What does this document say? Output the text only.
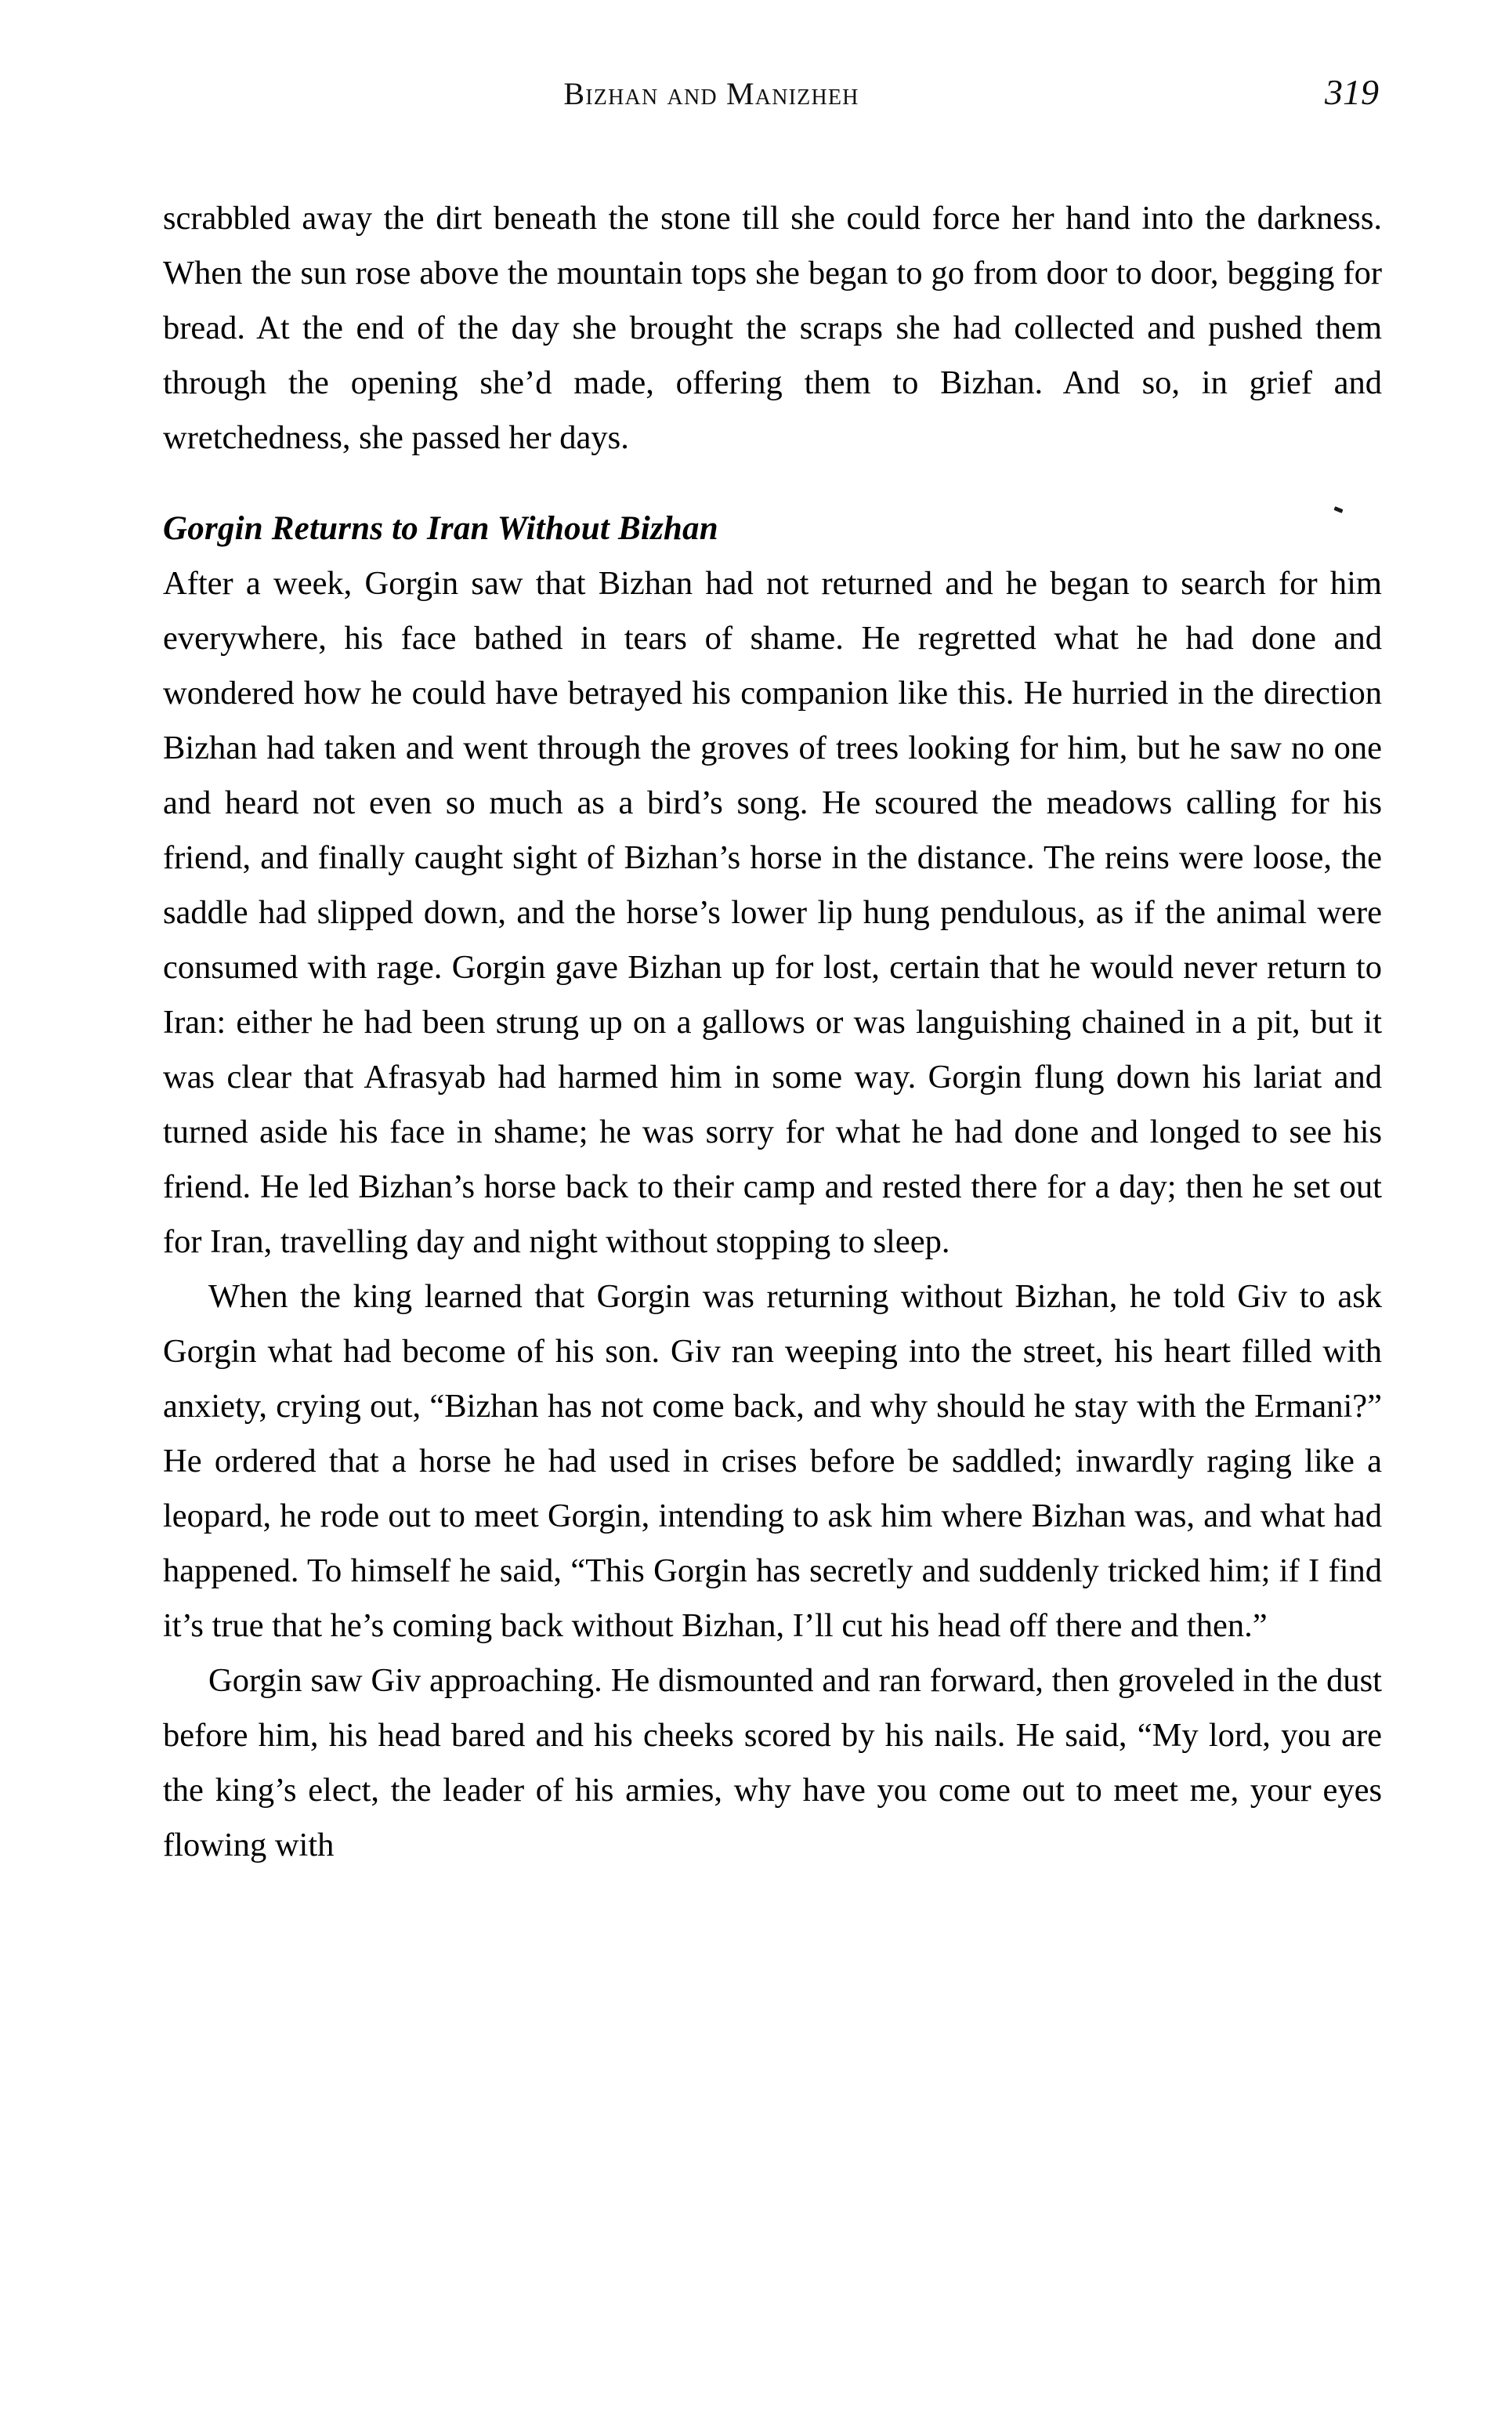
Bizhan and Manizheh	319

scrabbled away the dirt beneath the stone till she could force her hand into the darkness. When the sun rose above the mountain tops she began to go from door to door, begging for bread. At the end of the day she brought the scraps she had collected and pushed them through the opening she’d made, offering them to Bizhan. And so, in grief and wretchedness, she passed her days.

Gorgin Returns to Iran Without Bizhan

After a week, Gorgin saw that Bizhan had not returned and he began to search for him everywhere, his face bathed in tears of shame. He regretted what he had done and wondered how he could have betrayed his companion like this. He hurried in the direction Bizhan had taken and went through the groves of trees looking for him, but he saw no one and heard not even so much as a bird’s song. He scoured the meadows calling for his friend, and finally caught sight of Bizhan’s horse in the distance. The reins were loose, the saddle had slipped down, and the horse’s lower lip hung pendulous, as if the animal were consumed with rage. Gorgin gave Bizhan up for lost, certain that he would never return to Iran: either he had been strung up on a gallows or was languishing chained in a pit, but it was clear that Afrasyab had harmed him in some way. Gorgin flung down his lariat and turned aside his face in shame; he was sorry for what he had done and longed to see his friend. He led Bizhan’s horse back to their camp and rested there for a day; then he set out for Iran, travelling day and night without stopping to sleep.

When the king learned that Gorgin was returning without Bizhan, he told Giv to ask Gorgin what had become of his son. Giv ran weeping into the street, his heart filled with anxiety, crying out, “Bizhan has not come back, and why should he stay with the Ermani?” He ordered that a horse he had used in crises before be saddled; inwardly raging like a leopard, he rode out to meet Gorgin, intending to ask him where Bizhan was, and what had happened. To himself he said, “This Gorgin has secretly and suddenly tricked him; if I find it’s true that he’s coming back without Bizhan, I’ll cut his head off there and then.”

Gorgin saw Giv approaching. He dismounted and ran forward, then groveled in the dust before him, his head bared and his cheeks scored by his nails. He said, “My lord, you are the king’s elect, the leader of his armies, why have you come out to meet me, your eyes flowing with
